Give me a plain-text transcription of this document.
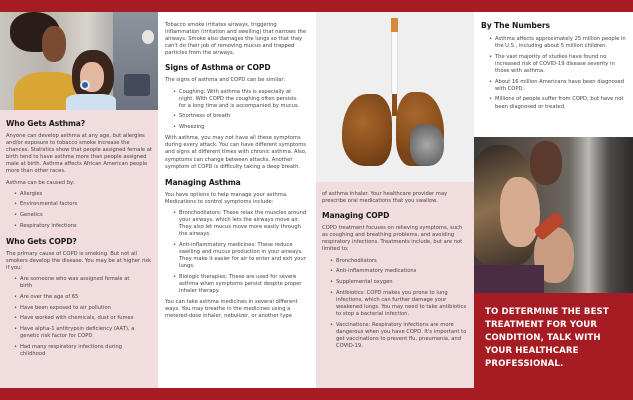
Who Gets Asthma?

Anyone can develop asthma at any age, but allergies and/or exposure to tobacco smoke increase the chances. Statistics show that people assigned female at birth tend to have asthma more than people assigned male at birth. Asthma affects African American people more than other races.

Asthma can be caused by:

• Allergies
• Environmental factors
• Genetics
• Respiratory infections
Who Gets COPD?

The primary cause of COPD is smoking. But not all smokers develop the disease. You may be at higher risk if you:

• Are someone who was assigned female at birth
• Are over the age of 65
• Have been exposed to air pollution
• Have worked with chemicals, dust or fumes
• Have alpha-1 antitrypsin deficiency (AAT), a genetic risk factor for COPD
• Had many respiratory infections during childhood

Tobacco smoke irritates airways, triggering inflammation (irritation and swelling) that narrows the airways. Smoke also damages the lungs so that they can't do their job of removing mucus and trapped particles from the airways.

Signs of Asthma or COPD

The signs of asthma and COPD can be similar:

• Coughing: With asthma this is especially at night. With COPD the coughing often persists for a long time and is accompanied by mucus.
• Shortness of breath
• Wheezing

With asthma, you may not have all these symptoms during every attack. You can have different symptoms and signs at different times with chronic asthma. Also, symptoms can change between attacks. Another symptom of COPD is difficulty taking a deep breath.

Managing Asthma

You have options to help manage your asthma. Medications to control symptoms include:

• Bronchodilators: These relax the muscles around your airways, which lets the airways move air. They also let mucus move more easily through the airways.
• Anti-inflammatory medicines: These reduce swelling and mucus production in your airways. They make it easier for air to enter and exit your lungs.
• Biologic therapies: These are used for severe asthma when symptoms persist despite proper inhaler therapy.

You can take asthma medicines in several different ways. You may breathe in the medicines using a metered-dose inhaler, nebulizer, or another type

of asthma inhaler. Your healthcare provider may prescribe oral medications that you swallow.

Managing COPD

COPD treatment focuses on relieving symptoms, such as coughing and breathing problems, and avoiding respiratory infections. Treatments include, but are not limited to:

• Bronchodilators
• Anti-inflammatory medications
• Supplemental oxygen
• Antibiotics: COPD makes you prone to lung infections, which can further damage your weakened lungs. You may need to take antibiotics to stop a bacterial infection.
• Vaccinations: Respiratory infections are more dangerous when you have COPD. It's important to get vaccinations to prevent flu, pneumonia, and COVID-19.
By The Numbers
• Asthma affects approximately 25 million people in the U.S., including about 5 million children.
• The vast majority of studies have found no increased risk of COVID-19 disease severity in those with asthma.
• About 16 million Americans have been diagnosed with COPD.
• Millions of people suffer from COPD, but have not been diagnosed or treated.
TO DETERMINE THE BEST TREATMENT FOR YOUR CONDITION, TALK WITH YOUR HEALTHCARE PROFESSIONAL.
